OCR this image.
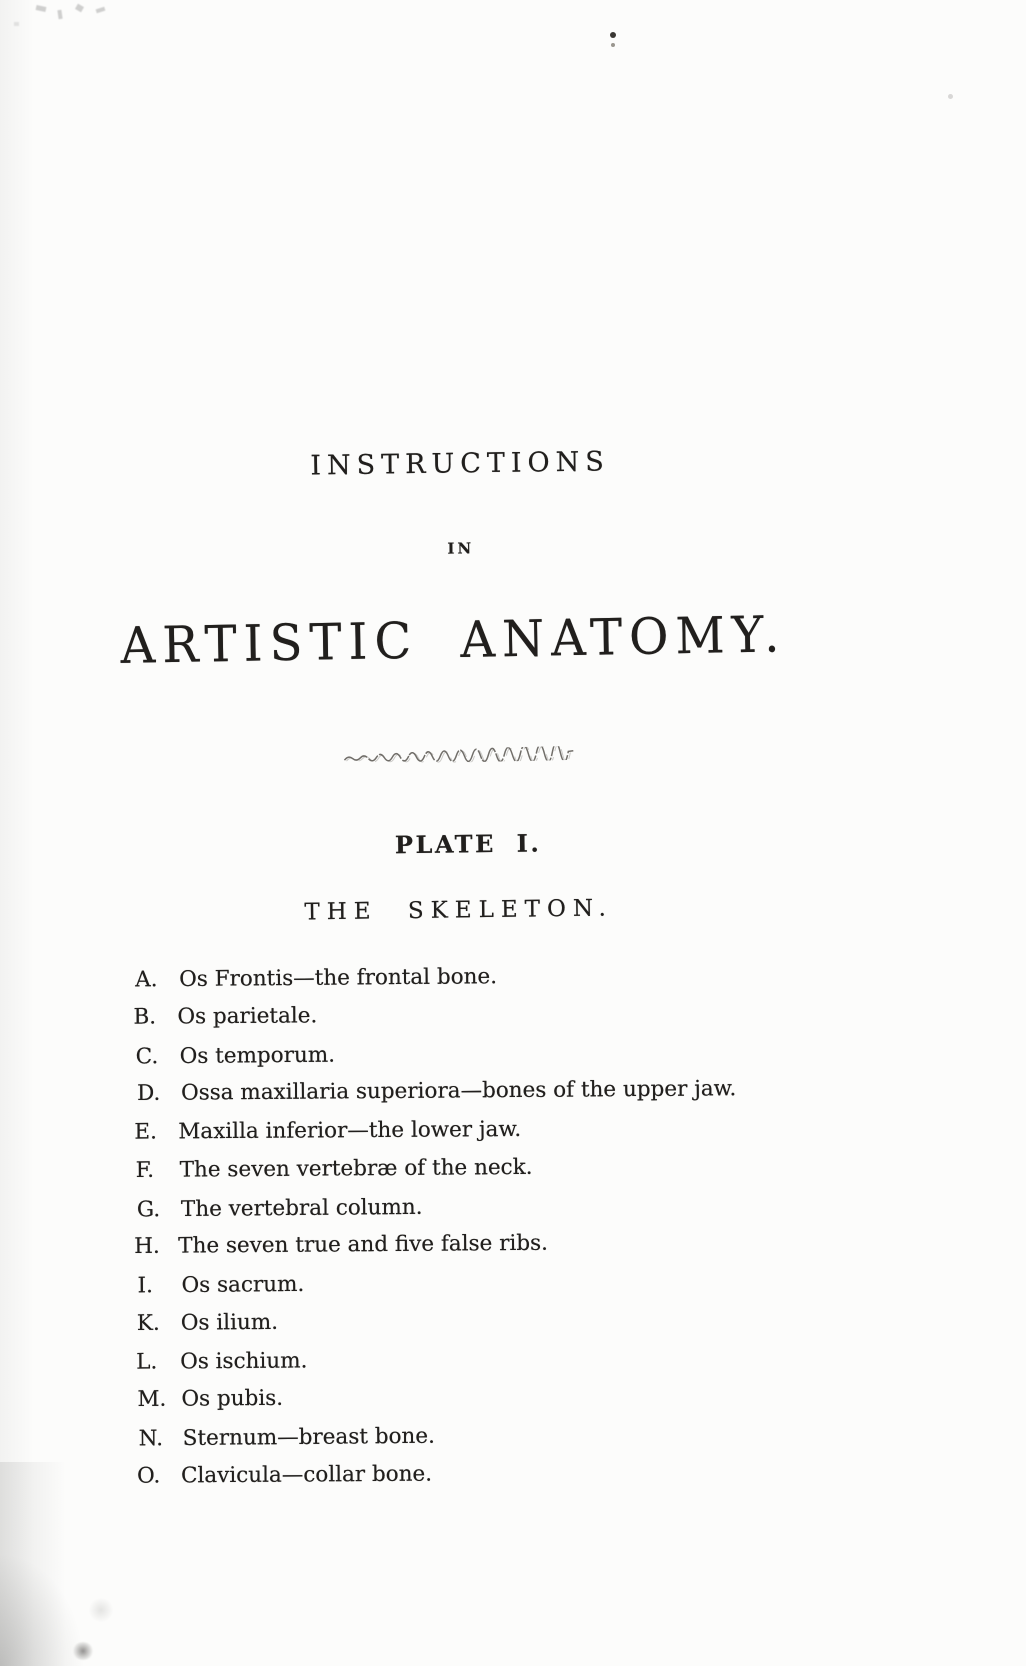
INSTRUCTIONS
IN
ARTISTIC ANATOMY.
PLATE I.
THE SKELETON.
A. Os Frontis—the frontal bone.
B. Os parietale.
C. Os temporum.
D. Ossa maxillaria superiora—bones of the upper jaw.
E. Maxilla inferior—the lower jaw.
F.	The seven vertebræ of the neck.
G. The vertebral column.
H. The seven true and five false ribs.
I.	Os sacrum.
K. Os ilium.
L.	Os ischium.
M. Os pubis.
N. Sternum—breast bone.
O. Clavicula—collar bone.
